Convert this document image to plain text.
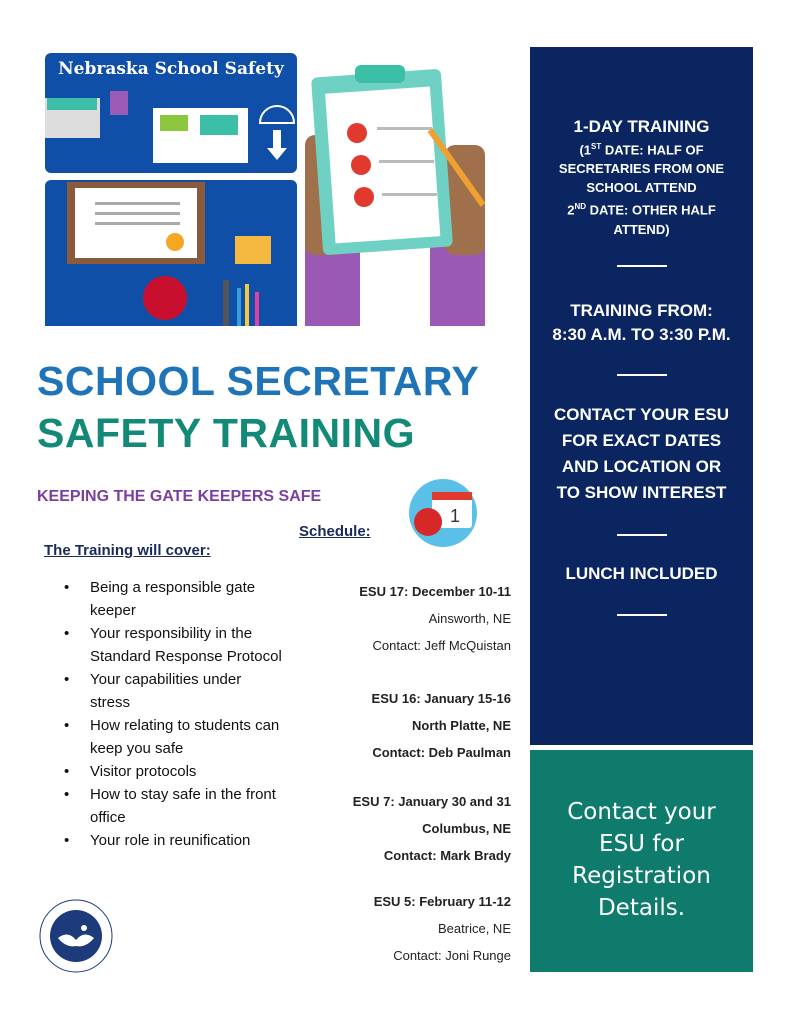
Nebraska School Safety
SCHOOL SECRETARY
SAFETY TRAINING
KEEPING THE GATE KEEPERS SAFE
1
Schedule:
The Training will cover:
• Being a responsible gate keeper
• Your responsibility in the Standard Response Protocol
• Your capabilities under stress
• How relating to students can keep you safe
• Visitor protocols
• How to stay safe in the front office
• Your role in reunification
ESU 17: December 10-11
Ainsworth, NE
Contact: Jeff McQuistan
ESU 16: January 15-16
North Platte, NE
Contact: Deb Paulman
ESU 7: January 30 and 31
Columbus, NE
Contact: Mark Brady
ESU 5: February 11-12
Beatrice, NE
Contact: Joni Runge
1-DAY TRAINING
(1ST DATE: HALF OF SECRETARIES FROM ONE SCHOOL ATTEND
2ND DATE: OTHER HALF ATTEND)
TRAINING FROM:
8:30 A.M. TO 3:30 P.M.
CONTACT YOUR ESU FOR EXACT DATES AND LOCATION OR TO SHOW INTEREST
LUNCH INCLUDED
Contact your ESU for Registration Details.
